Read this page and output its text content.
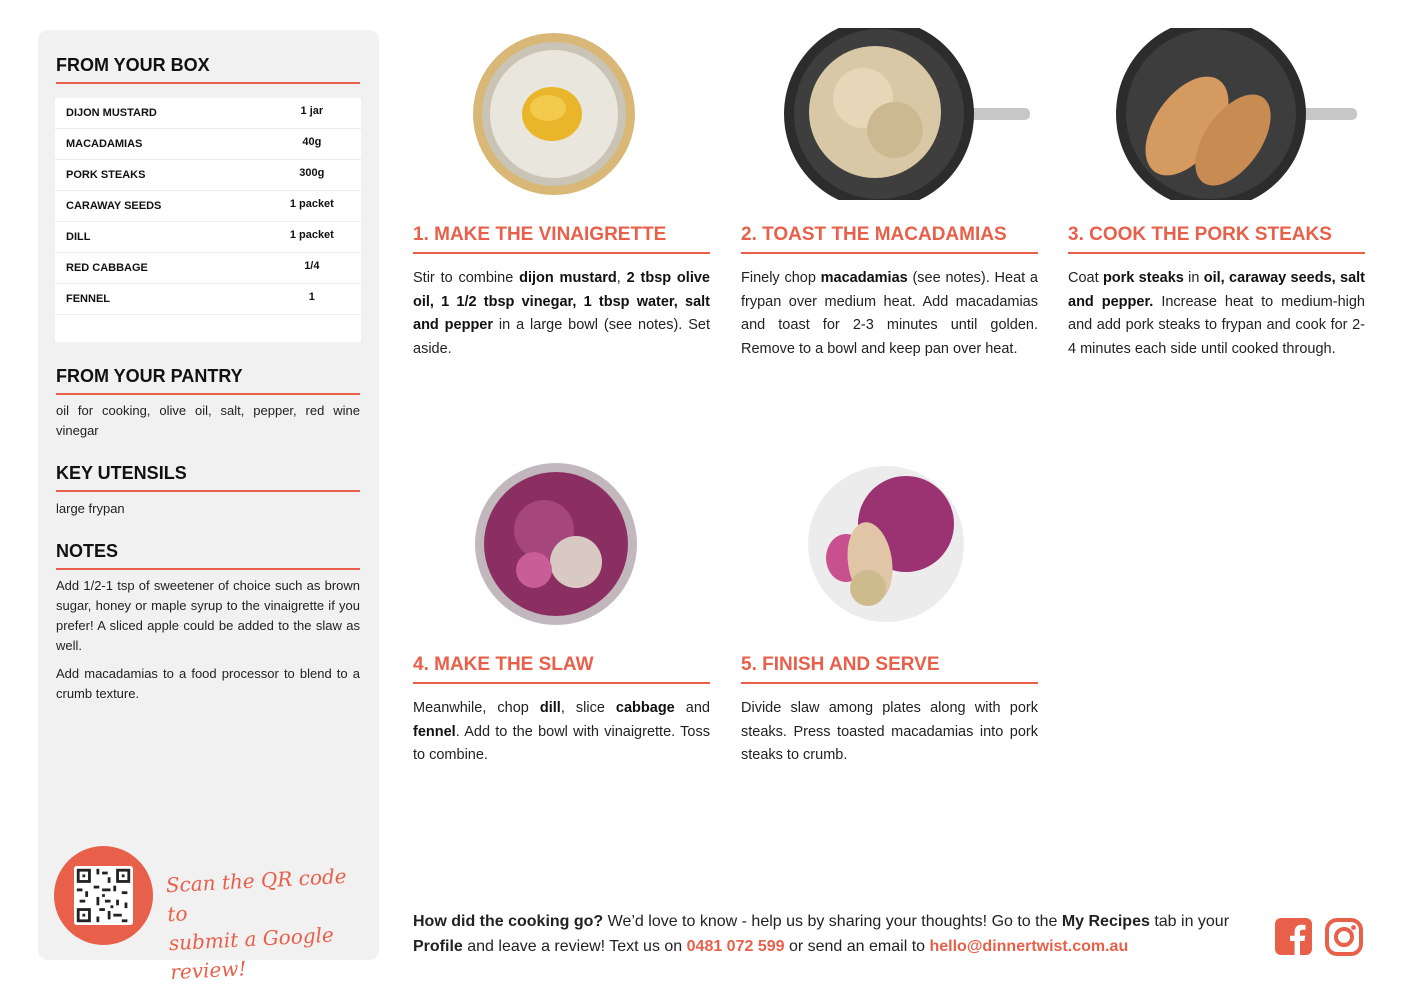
FROM YOUR BOX
DIJON MUSTARD	1 jar
MACADAMIAS	40g
PORK STEAKS	300g
CARAWAY SEEDS	1 packet
DILL	1 packet
RED CABBAGE	1/4
FENNEL	1
FROM YOUR PANTRY

oil for cooking, olive oil, salt, pepper, red wine vinegar

KEY UTENSILS

large frypan

NOTES

Add 1/2-1 tsp of sweetener of choice such as brown sugar, honey or maple syrup to the vinaigrette if you prefer! A sliced apple could be added to the slaw as well.

Add macadamias to a food processor to blend to a crumb texture.

Scan the QR code to
submit a Google review!
1. MAKE THE VINAIGRETTE

Stir to combine dijon mustard, 2 tbsp olive oil, 1 1/2 tbsp vinegar, 1 tbsp water, salt and pepper in a large bowl (see notes). Set aside.

2. TOAST THE MACADAMIAS

Finely chop macadamias (see notes). Heat a frypan over medium heat. Add macadamias and toast for 2-3 minutes until golden. Remove to a bowl and keep pan over heat.

3. COOK THE PORK STEAKS

Coat pork steaks in oil, caraway seeds, salt and pepper. Increase heat to medium-high and add pork steaks to frypan and cook for 2-4 minutes each side until cooked through.

4. MAKE THE SLAW

Meanwhile, chop dill, slice cabbage and fennel. Add to the bowl with vinaigrette. Toss to combine.

5. FINISH AND SERVE

Divide slaw among plates along with pork steaks. Press toasted macadamias into pork steaks to crumb.

How did the cooking go? We’d love to know - help us by sharing your thoughts! Go to the My Recipes tab in your Profile and leave a review! Text us on 0481 072 599 or send an email to hello@dinnertwist.com.au
